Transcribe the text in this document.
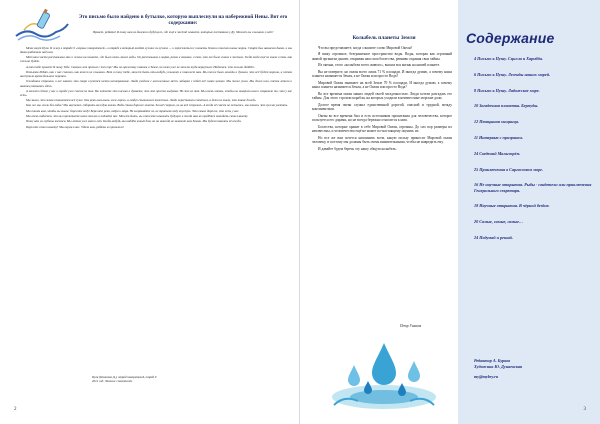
Это письмо было найдено в бутылке, которую выплеснули на набережной Невы. Вот его содержание:
Привет, ребята! Я пишу вам из далекого будущего, где ещё в чистой планете, которые постоянно у Ду. Может вы слышали о ней?

Меня зовут Пуля. Я живу в отряде 9 «первых покорителей», в отряде в который входят лучшие из лучших — и переселиться с планеты Земля в поисках новых миров. Старт был назначен давно, и мы давно работали над ним.

Мой папа часто рассказывал мне о жизни на планете, где было очень много воды. Он рассказывал о морях, реках и океанах, о том, что все было синим и чистым. Тогда люди ещё не знали о том, как сложно будет.

А вот тебе привет! Я пишу Тебе. Сколько лет прошло с тех пор? Мы по-прежнему помним о Земле, но сами уже не можем туда вернуться. Надеемся, что письмо дойдёт.

Попытка Ребят, как с нас спасали, как ничего не слышали. Вот я пишу тебе, может быть кто-нибудь услышит и поможет нам. Мы тоже были молоды и думали, что всё будет хорошо, а потом наступило время больших перемен.

Ожидание страшно, и все знают, что скоро случится нечто непоправимое. Люди уходили с насиженных мест, забирая с собой всё самое ценное. Мы тоже ушли. Мы долго шли, потом летели и наконец оказались здесь.

А может сейчас у вас в городе уже совсем не так. Вы читаете это письмо и думаете, что это просто выдумка. Но это не так. Мы очень хотим, чтобы вы поверили нам и сохранили то, что у вас есть.

Мы знали, что земля становится всё суше. Там реки высыхали, леса горели, а воздух становился тяжёлым. Люди переставали смеяться, а дети не знали, что такое дождь.

Как же мы жили без воды? Мы научились собирать каждую каплю. Вода стала дороже золота. За неё спорили, из-за неё ссорились. А когда её совсем не осталось, мы поняли, что нужно улетать.

Мы пишем вам, чтобы вы знали: берегите воду! Берегите реки, озёра и моря. Не загрязняйте их, не тратьте воду впустую. Это самое дорогое, что есть у вас.

Мы очень надеемся, что вы прочитаете наше письмо и поймёте нас. Может быть, вы сможете изменить будущее и тогда нам не придётся покидать свою планету.

Пишу вам из глубины космоса. Мы летим уже много лет. Когда-нибудь мы найдём новый дом, но он никогда не заменит нам Землю. Мы будем помнить её всегда.

Берегите свою планету! Мы верим в вас. Удачи вам, ребята из прошлого!

Пуля (Пашенко Д.), отряд покорителей, отряд 9
2012 год. Экипаж спасателей.
2
Колыбель планеты Земля

Что вы представляете, когда слышите слово Мировой Океан?

Я вижу огромное, безграничное пространство воды. Воды, которая как огромный живой организм дышит, открывая нам свои богатства, ревниво охраняя свои тайны.

Из океана, этого «колыбели всего живого», вышла вся жизнь на нашей планете.

Вы не поверите, но океан всего лишь 71 % площади. И иногда думаю, а почему наша планета называется Земля, а не Океан или просто Вода?

Мировой Океан занимает на всей Земле 70 % площади, И иногда думаю, а почему наша планета называется Земля, а не Океан или просто Вода?

Во все времена океан манил людей своей загадочностью. Люди хотели разгадать его тайны. Для этого строили корабли, на которых уходили в неизвестные морские дали.

Долгое время океан служил единственной дорогой, опасной и трудной, между континентами.

Океан во все времена был и есть источником пропитания для человечества, которое пользуется его дарами, но не всегда бережно относится к ним.

Богатства, которые хранит в себе Мировой Океан, огромны. До сих пор размеры их неизвестны, и человечество ещё не может по-настоящему оценить их.

Но все же вам хочется напомнить всем, какую пользу приносит Мировой океан человеку, и поэтому мы должны быть очень внимательными, чтобы не навредить ему.

И давайте будем беречь эту нашу общую колыбель.

Петр Ушаков
Содержание
4 Письмо к Пушу. Сцилла и Харибда.
6 Письмо к Пушу. Легенды наших морей.
8 Письмо к Пушу. Ладожское море.
10 Загадочная планетка. Бермуды.
12 Птицыная хищница.
11 Интервью с призраком.
24 Сведений Мальстрём.
25 Приключения в Саргассовом море.
16 Не научные открытия. Рыбы - свидетели или приключения Генерального секретаря.
18 Научные открытия. В чёрной бездне.
20 Самые, самые, самые…
24 Подумай и решай.
Редактор А. Бурков
Художник Ю. Дунаевская
my@mybry.ru
3
